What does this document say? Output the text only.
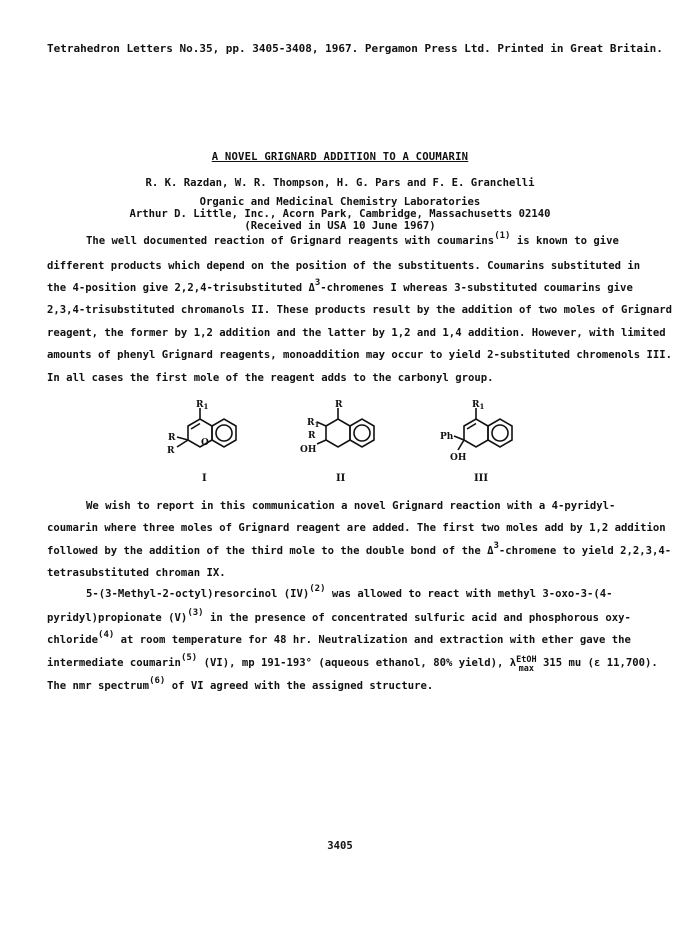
Tetrahedron Letters No.35, pp. 3405-3408, 1967. Pergamon Press Ltd. Printed in Great Britain.
A NOVEL GRIGNARD ADDITION TO A COUMARIN
R. K. Razdan, W. R. Thompson, H. G. Pars and F. E. Granchelli
Organic and Medicinal Chemistry Laboratories
Arthur D. Little, Inc., Acorn Park, Cambridge, Massachusetts 02140
(Received in USA 10 June 1967)
The well documented reaction of Grignard reagents with coumarins$^{(1)}$ is known to give
different products which depend on the position of the substituents. Coumarins substituted in
the 4-position give 2,2,4-trisubstituted $\Delta^3$-chromenes I whereas 3-substituted coumarins give
2,3,4-trisubstituted chromanols II. These products result by the addition of two moles of Grignard
reagent, the former by 1,2 addition and the latter by 1,2 and 1,4 addition. However, with limited
amounts of phenyl Grignard reagents, monoaddition may occur to yield 2-substituted chromenols III.
In all cases the first mole of the reagent adds to the carbonyl group.
$R_1$
R
R
O
I
R
$R_1$
R
OH
II
$R_1$
Ph
OH
III
We wish to report in this communication a novel Grignard reaction with a 4-pyridyl-
coumarin where three moles of Grignard reagent are added. The first two moles add by 1,2 addition
followed by the addition of the third mole to the double bond of the $\Delta^3$-chromene to yield 2,2,3,4-
tetrasubstituted chroman IX.
5-(3-Methyl-2-octyl)resorcinol (IV)$^{(2)}$ was allowed to react with methyl 3-oxo-3-(4-
pyridyl)propionate $(V)^{(3)}$ in the presence of concentrated sulfuric acid and phosphorous oxy-
chloride$^{(4)}$ at room temperature for 48 hr. Neutralization and extraction with ether gave the
intermediate coumarin$^{(5)}$ (VI), mp 191-193° (aqueous ethanol, 80% yield), λEtOH
max 315 mu (ε 11,700).
The nmr spectrum$^{(6)}$ of VI agreed with the assigned structure.
3405
